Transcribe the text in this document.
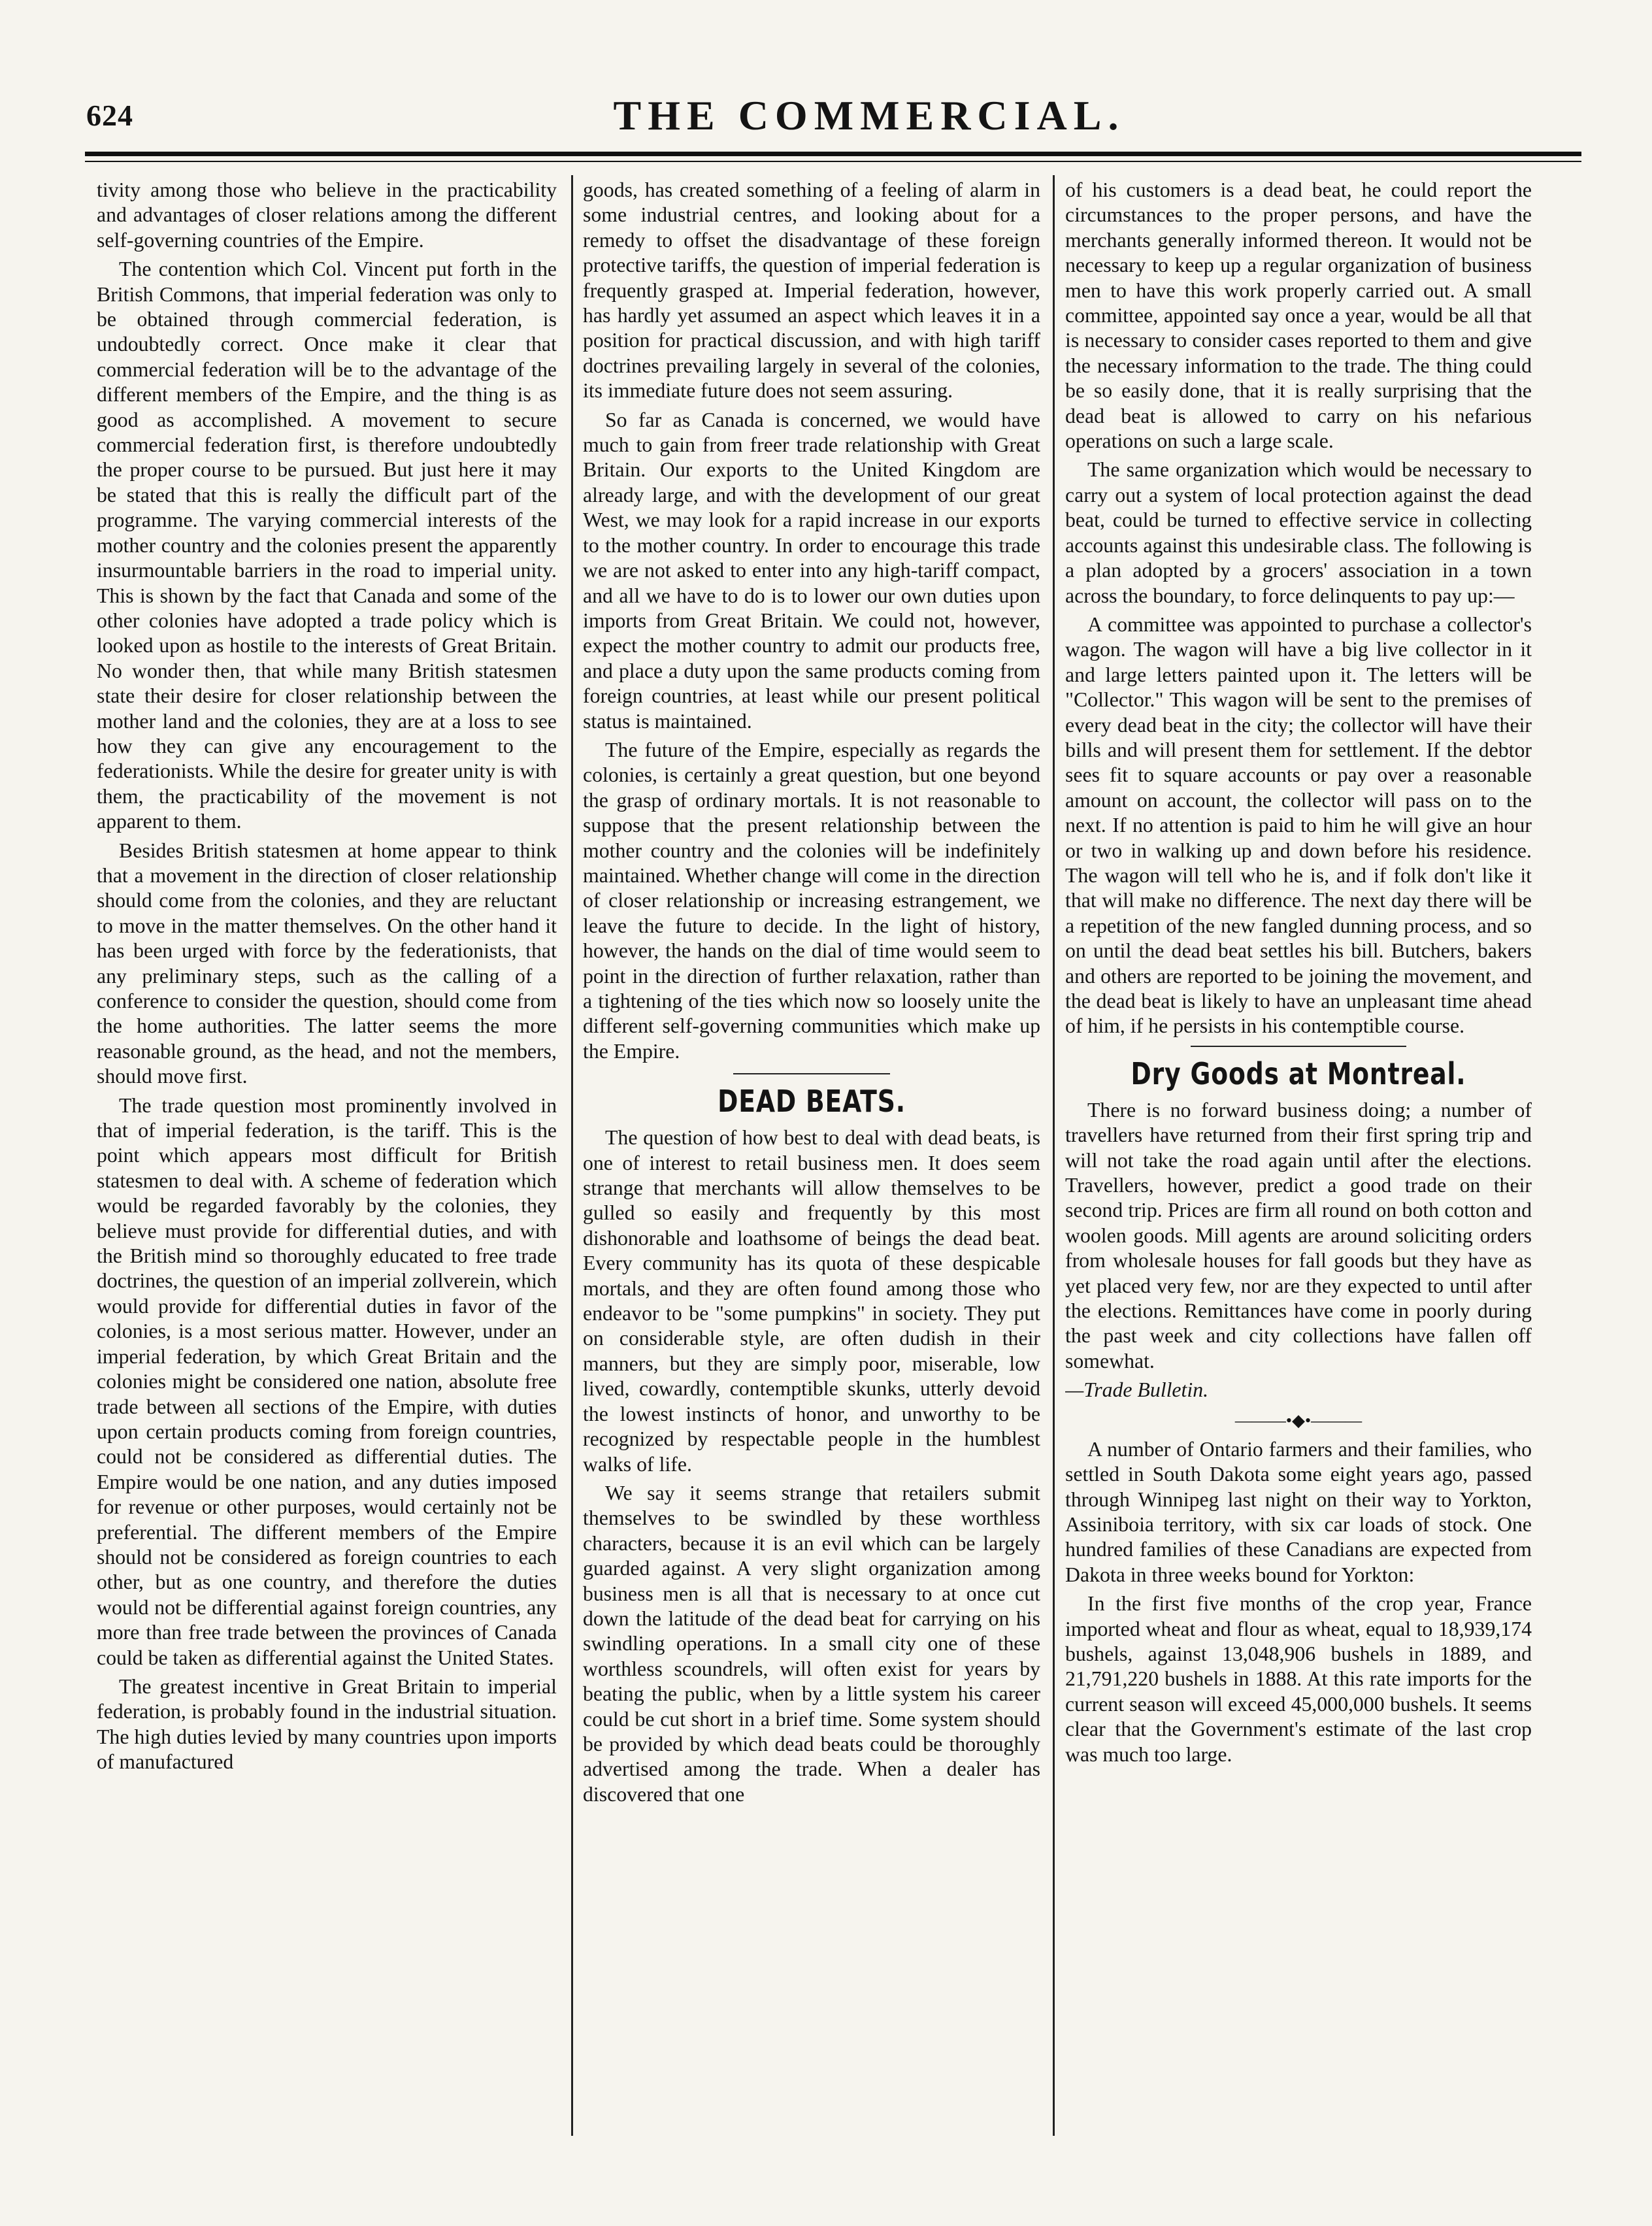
624	THE COMMERCIAL.

tivity among those who believe in the practicability and advantages of closer relations among the different self-governing countries of the Empire.

The contention which Col. Vincent put forth in the British Commons, that imperial federation was only to be obtained through commercial federation, is undoubtedly correct. Once make it clear that commercial federation will be to the advantage of the different members of the Empire, and the thing is as good as accomplished. A movement to secure commercial federation first, is therefore undoubtedly the proper course to be pursued. But just here it may be stated that this is really the difficult part of the programme. The varying commercial interests of the mother country and the colonies present the apparently insurmountable barriers in the road to imperial unity. This is shown by the fact that Canada and some of the other colonies have adopted a trade policy which is looked upon as hostile to the interests of Great Britain. No wonder then, that while many British statesmen state their desire for closer relationship between the mother land and the colonies, they are at a loss to see how they can give any encouragement to the federationists. While the desire for greater unity is with them, the practicability of the movement is not apparent to them.

Besides British statesmen at home appear to think that a movement in the direction of closer relationship should come from the colonies, and they are reluctant to move in the matter themselves. On the other hand it has been urged with force by the federationists, that any preliminary steps, such as the calling of a conference to consider the question, should come from the home authorities. The latter seems the more reasonable ground, as the head, and not the members, should move first.

The trade question most prominently involved in that of imperial federation, is the tariff. This is the point which appears most difficult for British statesmen to deal with. A scheme of federation which would be regarded favorably by the colonies, they believe must provide for differential duties, and with the British mind so thoroughly educated to free trade doctrines, the question of an imperial zollverein, which would provide for differential duties in favor of the colonies, is a most serious matter. However, under an imperial federation, by which Great Britain and the colonies might be considered one nation, absolute free trade between all sections of the Empire, with duties upon certain products coming from foreign countries, could not be considered as differential duties. The Empire would be one nation, and any duties imposed for revenue or other purposes, would certainly not be preferential. The different members of the Empire should not be considered as foreign countries to each other, but as one country, and therefore the duties would not be differential against foreign countries, any more than free trade between the provinces of Canada could be taken as differential against the United States.

The greatest incentive in Great Britain to imperial federation, is probably found in the industrial situation. The high duties levied by many countries upon imports of manufactured

goods, has created something of a feeling of alarm in some industrial centres, and looking about for a remedy to offset the disadvantage of these foreign protective tariffs, the question of imperial federation is frequently grasped at. Imperial federation, however, has hardly yet assumed an aspect which leaves it in a position for practical discussion, and with high tariff doctrines prevailing largely in several of the colonies, its immediate future does not seem assuring.

So far as Canada is concerned, we would have much to gain from freer trade relationship with Great Britain. Our exports to the United Kingdom are already large, and with the development of our great West, we may look for a rapid increase in our exports to the mother country. In order to encourage this trade we are not asked to enter into any high-tariff compact, and all we have to do is to lower our own duties upon imports from Great Britain. We could not, however, expect the mother country to admit our products free, and place a duty upon the same products coming from foreign countries, at least while our present political status is maintained.

The future of the Empire, especially as regards the colonies, is certainly a great question, but one beyond the grasp of ordinary mortals. It is not reasonable to suppose that the present relationship between the mother country and the colonies will be indefinitely maintained. Whether change will come in the direction of closer relationship or increasing estrangement, we leave the future to decide. In the light of history, however, the hands on the dial of time would seem to point in the direction of further relaxation, rather than a tightening of the ties which now so loosely unite the different self-governing communities which make up the Empire.

DEAD BEATS.

The question of how best to deal with dead beats, is one of interest to retail business men. It does seem strange that merchants will allow themselves to be gulled so easily and frequently by this most dishonorable and loathsome of beings the dead beat. Every community has its quota of these despicable mortals, and they are often found among those who endeavor to be "some pumpkins" in society. They put on considerable style, are often dudish in their manners, but they are simply poor, miserable, low lived, cowardly, contemptible skunks, utterly devoid the lowest instincts of honor, and unworthy to be recognized by respectable people in the humblest walks of life.

We say it seems strange that retailers submit themselves to be swindled by these worthless characters, because it is an evil which can be largely guarded against. A very slight organization among business men is all that is necessary to at once cut down the latitude of the dead beat for carrying on his swindling operations. In a small city one of these worthless scoundrels, will often exist for years by beating the public, when by a little system his career could be cut short in a brief time. Some system should be provided by which dead beats could be thoroughly advertised among the trade. When a dealer has discovered that one

of his customers is a dead beat, he could report the circumstances to the proper persons, and have the merchants generally informed thereon. It would not be necessary to keep up a regular organization of business men to have this work properly carried out. A small committee, appointed say once a year, would be all that is necessary to consider cases reported to them and give the necessary information to the trade. The thing could be so easily done, that it is really surprising that the dead beat is allowed to carry on his nefarious operations on such a large scale.

The same organization which would be necessary to carry out a system of local protection against the dead beat, could be turned to effective service in collecting accounts against this undesirable class. The following is a plan adopted by a grocers' association in a town across the boundary, to force delinquents to pay up:—

A committee was appointed to purchase a collector's wagon. The wagon will have a big live collector in it and large letters painted upon it. The letters will be "Collector." This wagon will be sent to the premises of every dead beat in the city; the collector will have their bills and will present them for settlement. If the debtor sees fit to square accounts or pay over a reasonable amount on account, the collector will pass on to the next. If no attention is paid to him he will give an hour or two in walking up and down before his residence. The wagon will tell who he is, and if folk don't like it that will make no difference. The next day there will be a repetition of the new fangled dunning process, and so on until the dead beat settles his bill. Butchers, bakers and others are reported to be joining the movement, and the dead beat is likely to have an unpleasant time ahead of him, if he persists in his contemptible course.

Dry Goods at Montreal.

There is no forward business doing; a number of travellers have returned from their first spring trip and will not take the road again until after the elections. Travellers, however, predict a good trade on their second trip. Prices are firm all round on both cotton and woolen goods. Mill agents are around soliciting orders from wholesale houses for fall goods but they have as yet placed very few, nor are they expected to until after the elections. Remittances have come in poorly during the past week and city collections have fallen off somewhat.

—Trade Bulletin.

———•◆•———

A number of Ontario farmers and their families, who settled in South Dakota some eight years ago, passed through Winnipeg last night on their way to Yorkton, Assiniboia territory, with six car loads of stock. One hundred families of these Canadians are expected from Dakota in three weeks bound for Yorkton:

In the first five months of the crop year, France imported wheat and flour as wheat, equal to 18,939,174 bushels, against 13,048,906 bushels in 1889, and 21,791,220 bushels in 1888. At this rate imports for the current season will exceed 45,000,000 bushels. It seems clear that the Government's estimate of the last crop was much too large.
